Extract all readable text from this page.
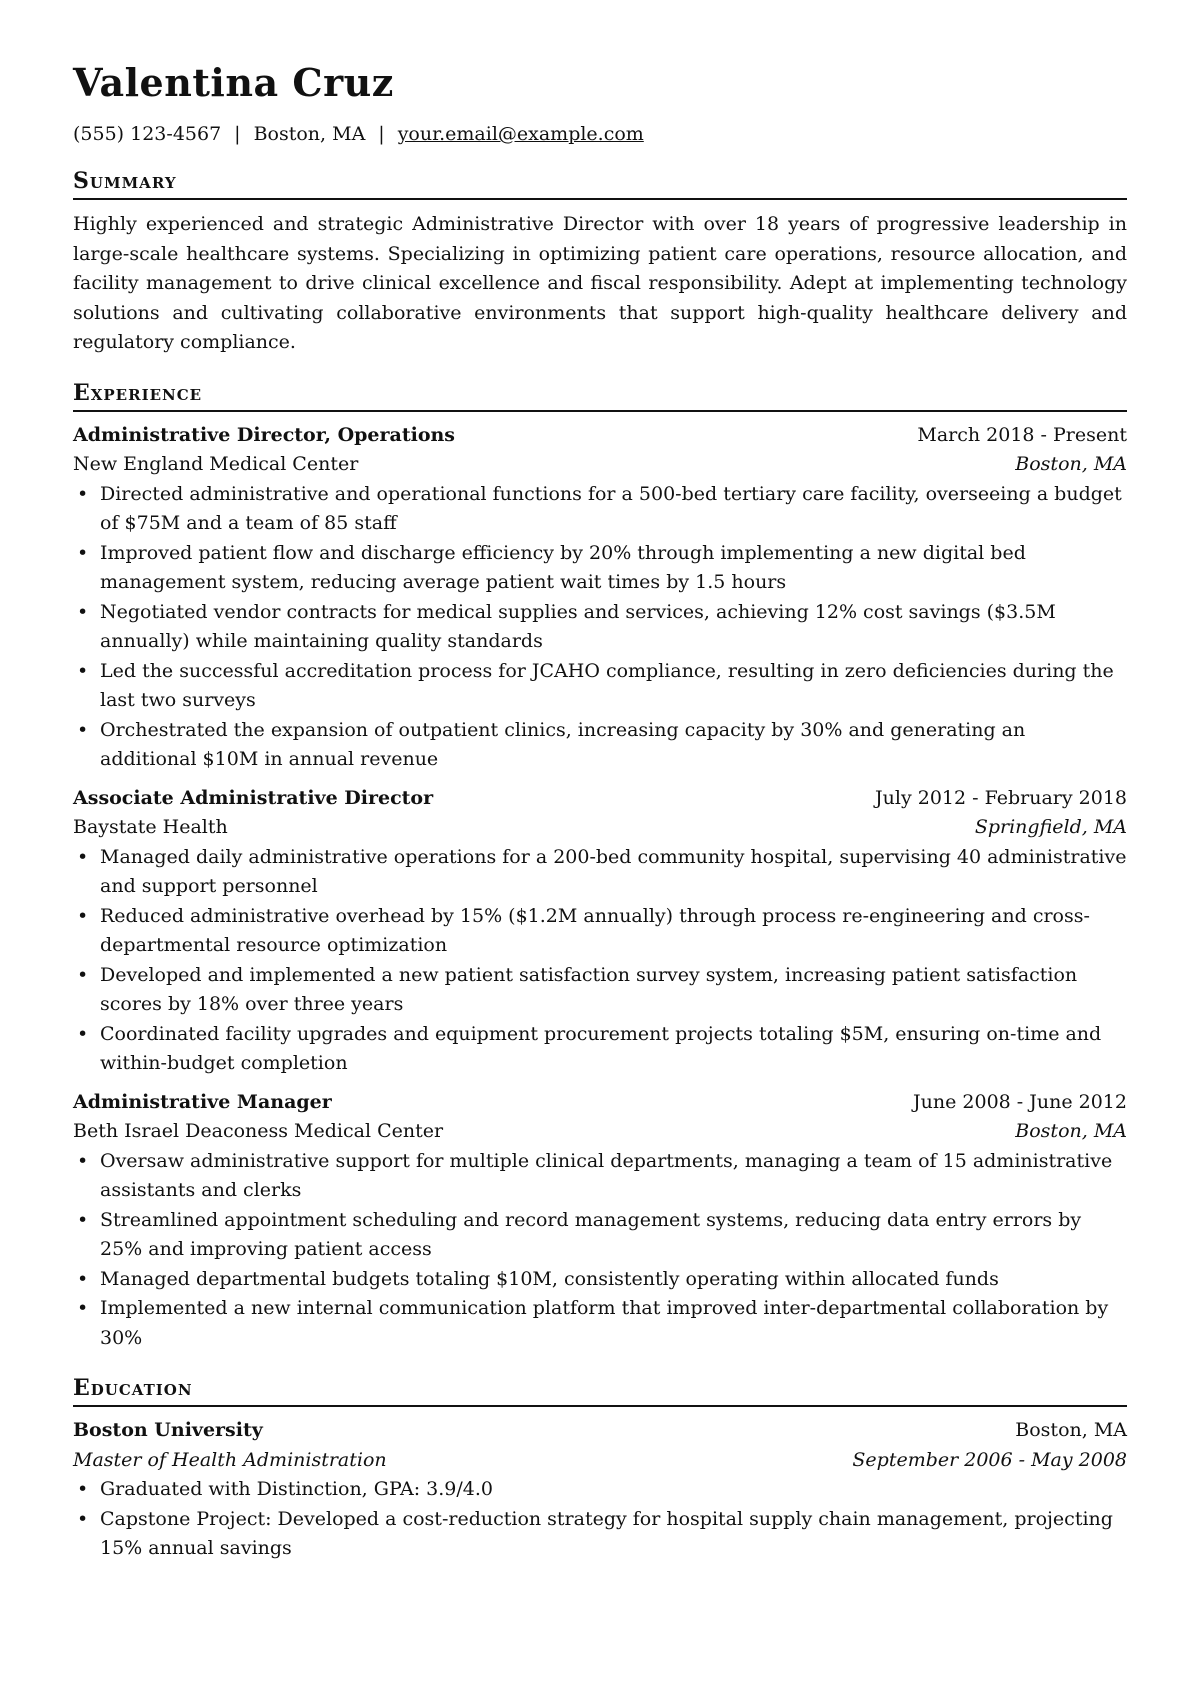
Valentina Cruz
(555) 123-4567 | Boston, MA | your.email@example.com
Summary
Highly experienced and strategic Administrative Director with over 18 years of progressive leadership in large-scale healthcare systems. Specializing in optimizing patient care operations, resource allocation, and facility management to drive clinical excellence and fiscal responsibility. Adept at implementing technology solutions and cultivating collaborative environments that support high-quality healthcare delivery and regulatory compliance.
Experience
Administrative Director, Operations	March 2018 - Present
New England Medical Center	Boston, MA
• Directed administrative and operational functions for a 500-bed tertiary care facility, overseeing a budget of $75M and a team of 85 staff
• Improved patient flow and discharge efficiency by 20% through implementing a new digital bed management system, reducing average patient wait times by 1.5 hours
• Negotiated vendor contracts for medical supplies and services, achieving 12% cost savings ($3.5M annually) while maintaining quality standards
• Led the successful accreditation process for JCAHO compliance, resulting in zero deficiencies during the last two surveys
• Orchestrated the expansion of outpatient clinics, increasing capacity by 30% and generating an additional $10M in annual revenue
Associate Administrative Director	July 2012 - February 2018
Baystate Health	Springfield, MA
• Managed daily administrative operations for a 200-bed community hospital, supervising 40 administrative and support personnel
• Reduced administrative overhead by 15% ($1.2M annually) through process re-engineering and cross-departmental resource optimization
• Developed and implemented a new patient satisfaction survey system, increasing patient satisfaction scores by 18% over three years
• Coordinated facility upgrades and equipment procurement projects totaling $5M, ensuring on-time and within-budget completion
Administrative Manager	June 2008 - June 2012
Beth Israel Deaconess Medical Center	Boston, MA
• Oversaw administrative support for multiple clinical departments, managing a team of 15 administrative assistants and clerks
• Streamlined appointment scheduling and record management systems, reducing data entry errors by 25% and improving patient access
• Managed departmental budgets totaling $10M, consistently operating within allocated funds
• Implemented a new internal communication platform that improved inter-departmental collaboration by 30%
Education
Boston University	Boston, MA
Master of Health Administration	September 2006 - May 2008
• Graduated with Distinction, GPA: 3.9/4.0
• Capstone Project: Developed a cost-reduction strategy for hospital supply chain management, projecting 15% annual savings
